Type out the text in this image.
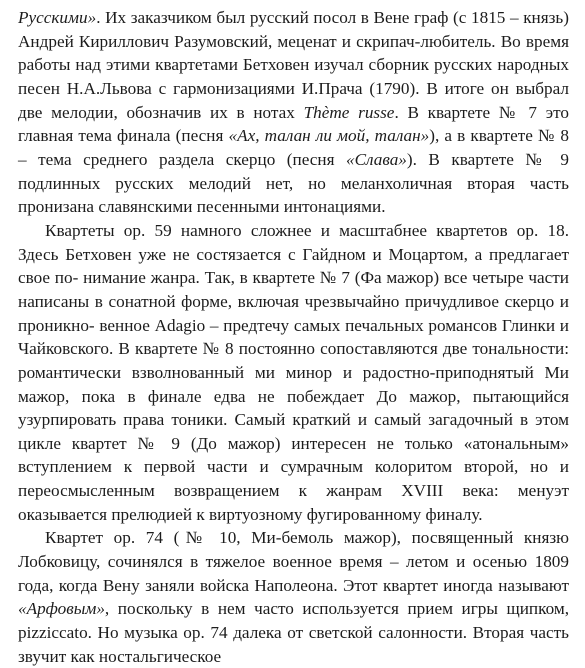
Русскими». Их заказчиком был русский посол в Вене граф (с 1815 – князь) Андрей Кириллович Разумовский, меценат и скрипач-любитель. Во время работы над этими квартетами Бетховен изучал сборник русских народных песен Н.А.Львова с гармонизациями И.Прача (1790). В итоге он выбрал две мелодии, обозначив их в нотах Thème russe. В квартете № 7 это главная тема финала (песня «Ах, талан ли мой, талан»), а в квартете № 8 – тема среднего раздела скерцо (песня «Слава»). В квартете № 9 подлинных русских мелодий нет, но меланхоличная вторая часть пронизана славянскими песенными интонациями.
Квартеты ор. 59 намного сложнее и масштабнее квартетов ор. 18. Здесь Бетховен уже не состязается с Гайдном и Моцартом, а предлагает свое по- нимание жанра. Так, в квартете № 7 (Фа мажор) все четыре части написаны в сонатной форме, включая чрезвычайно причудливое скерцо и проникно- венное Adagio – предтечу самых печальных романсов Глинки и Чайковского. В квартете № 8 постоянно сопоставляются две тональности: романтически взволнованный ми минор и радостно-приподнятый Ми мажор, пока в финале едва не побеждает До мажор, пытающийся узурпировать права тоники. Самый краткий и самый загадочный в этом цикле квартет № 9 (До мажор) интересен не только «атональным» вступлением к первой части и сумрачным колоритом второй, но и переосмысленным возвращением к жанрам XVIII века: менуэт оказывается прелюдией к виртуозному фугированному финалу.
Квартет ор. 74 (№ 10, Ми-бемоль мажор), посвященный князю Лобковицу, сочинялся в тяжелое военное время – летом и осенью 1809 года, когда Вену заняли войска Наполеона. Этот квартет иногда называют «Арфовым», поскольку в нем часто используется прием игры щипком, pizziccato. Но музыка ор. 74 далека от светской салонности. Вторая часть звучит как ностальгическое
